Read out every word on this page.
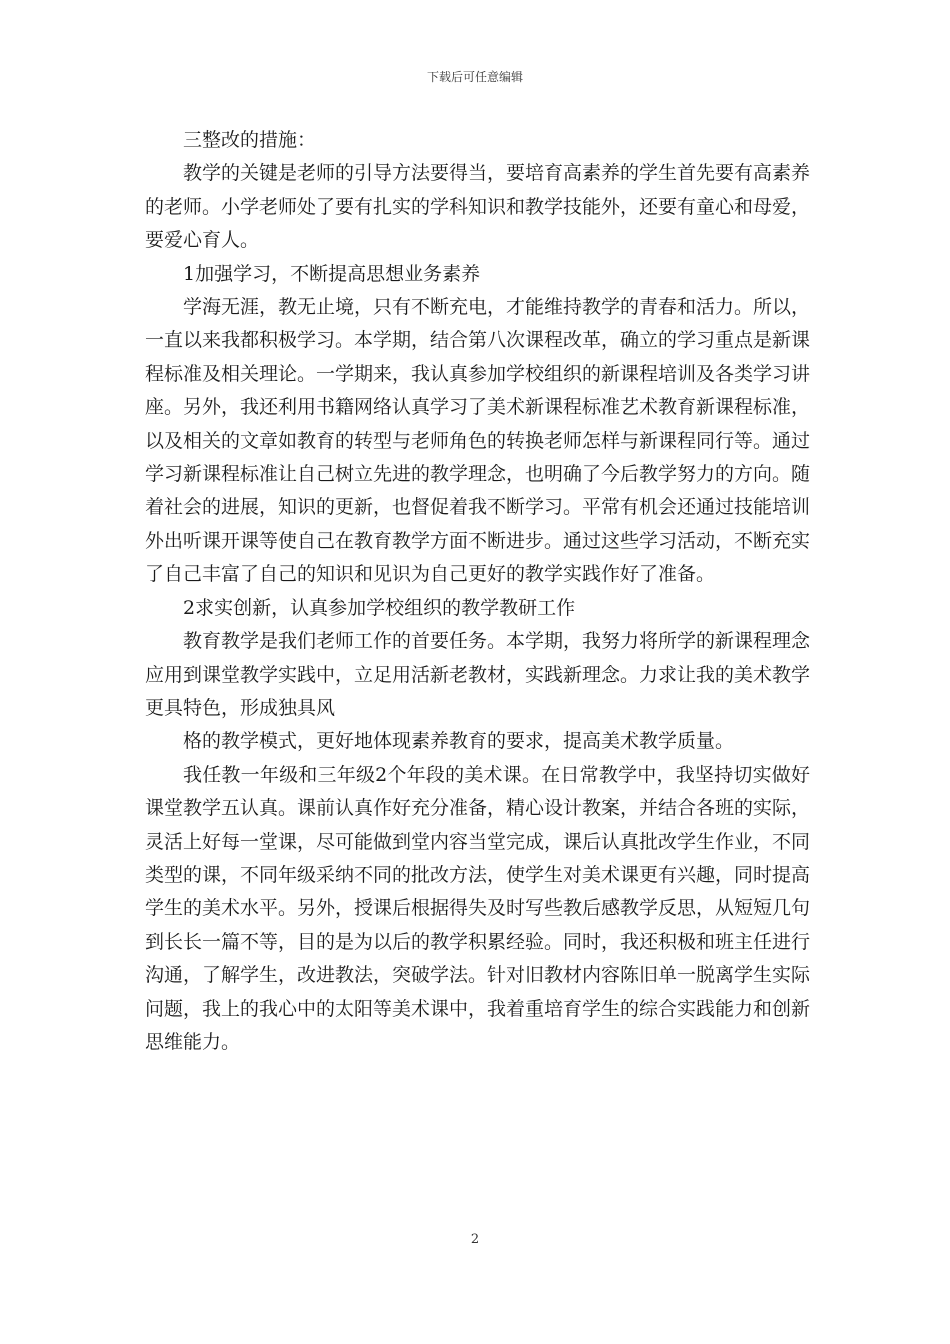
下载后可任意编辑

三整改的措施：

教学的关键是老师的引导方法要得当，要培育高素养的学生首先要有高素养的老师。小学老师处了要有扎实的学科知识和教学技能外，还要有童心和母爱，要爱心育人。

1加强学习，不断提高思想业务素养

学海无涯，教无止境，只有不断充电，才能维持教学的青春和活力。所以，一直以来我都积极学习。本学期，结合第八次课程改革，确立的学习重点是新课程标准及相关理论。一学期来，我认真参加学校组织的新课程培训及各类学习讲座。另外，我还利用书籍网络认真学习了美术新课程标准艺术教育新课程标准，以及相关的文章如教育的转型与老师角色的转换老师怎样与新课程同行等。通过学习新课程标准让自己树立先进的教学理念，也明确了今后教学努力的方向。随着社会的进展，知识的更新，也督促着我不断学习。平常有机会还通过技能培训外出听课开课等使自己在教育教学方面不断进步。通过这些学习活动，不断充实了自己丰富了自己的知识和见识为自己更好的教学实践作好了准备。

2求实创新，认真参加学校组织的教学教研工作

教育教学是我们老师工作的首要任务。本学期，我努力将所学的新课程理念应用到课堂教学实践中，立足用活新老教材，实践新理念。力求让我的美术教学更具特色，形成独具风

格的教学模式，更好地体现素养教育的要求，提高美术教学质量。

我任教一年级和三年级2个年段的美术课。在日常教学中，我坚持切实做好课堂教学五认真。课前认真作好充分准备，精心设计教案，并结合各班的实际，灵活上好每一堂课，尽可能做到堂内容当堂完成，课后认真批改学生作业，不同类型的课，不同年级采纳不同的批改方法，使学生对美术课更有兴趣，同时提高学生的美术水平。另外，授课后根据得失及时写些教后感教学反思，从短短几句到长长一篇不等，目的是为以后的教学积累经验。同时，我还积极和班主任进行沟通，了解学生，改进教法，突破学法。针对旧教材内容陈旧单一脱离学生实际问题，我上的我心中的太阳等美术课中，我着重培育学生的综合实践能力和创新思维能力。

2
